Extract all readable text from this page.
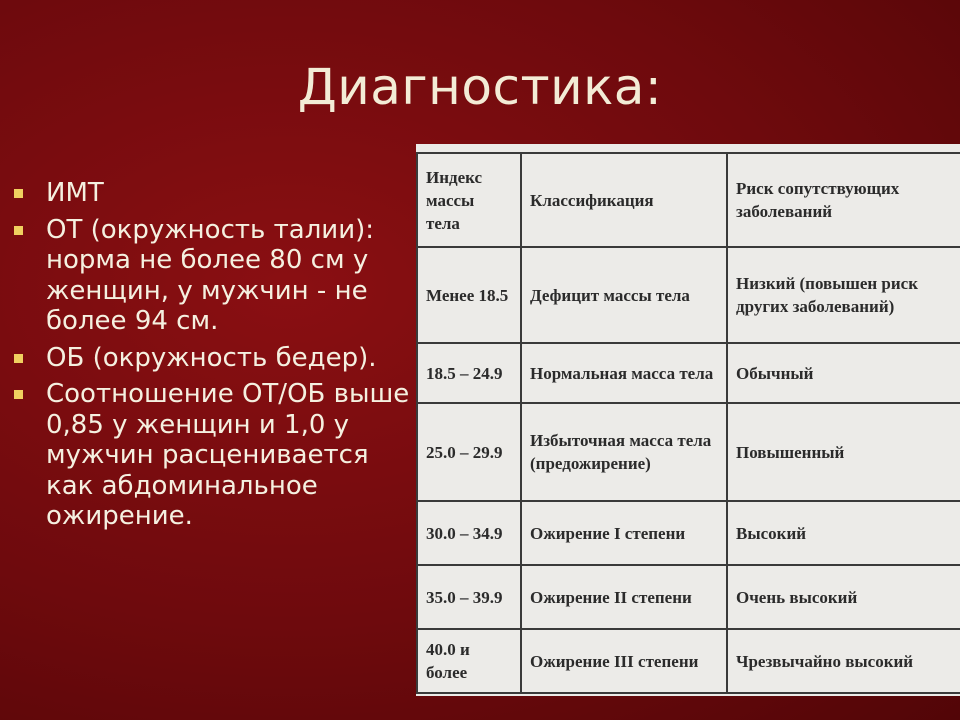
Диагностика:
ИМТ
ОТ (окружность талии): норма не более 80 см у женщин, у мужчин - не более 94 см.
ОБ (окружность бедер).
Соотношение ОТ/ОБ выше 0,85 у женщин и 1,0 у мужчин расценивается как абдоминальное ожирение.
Индекс массы тела	Классификация	Риск сопутствующих заболеваний
Менее 18.5	Дефицит массы тела	Низкий (повышен риск других заболеваний)
18.5 – 24.9	Нормальная масса тела	Обычный
25.0 – 29.9	Избыточная масса тела (предожирение)	Повышенный
30.0 – 34.9	Ожирение I степени	Высокий
35.0 – 39.9	Ожирение II степени	Очень высокий
40.0 и более	Ожирение III степени	Чрезвычайно высокий
